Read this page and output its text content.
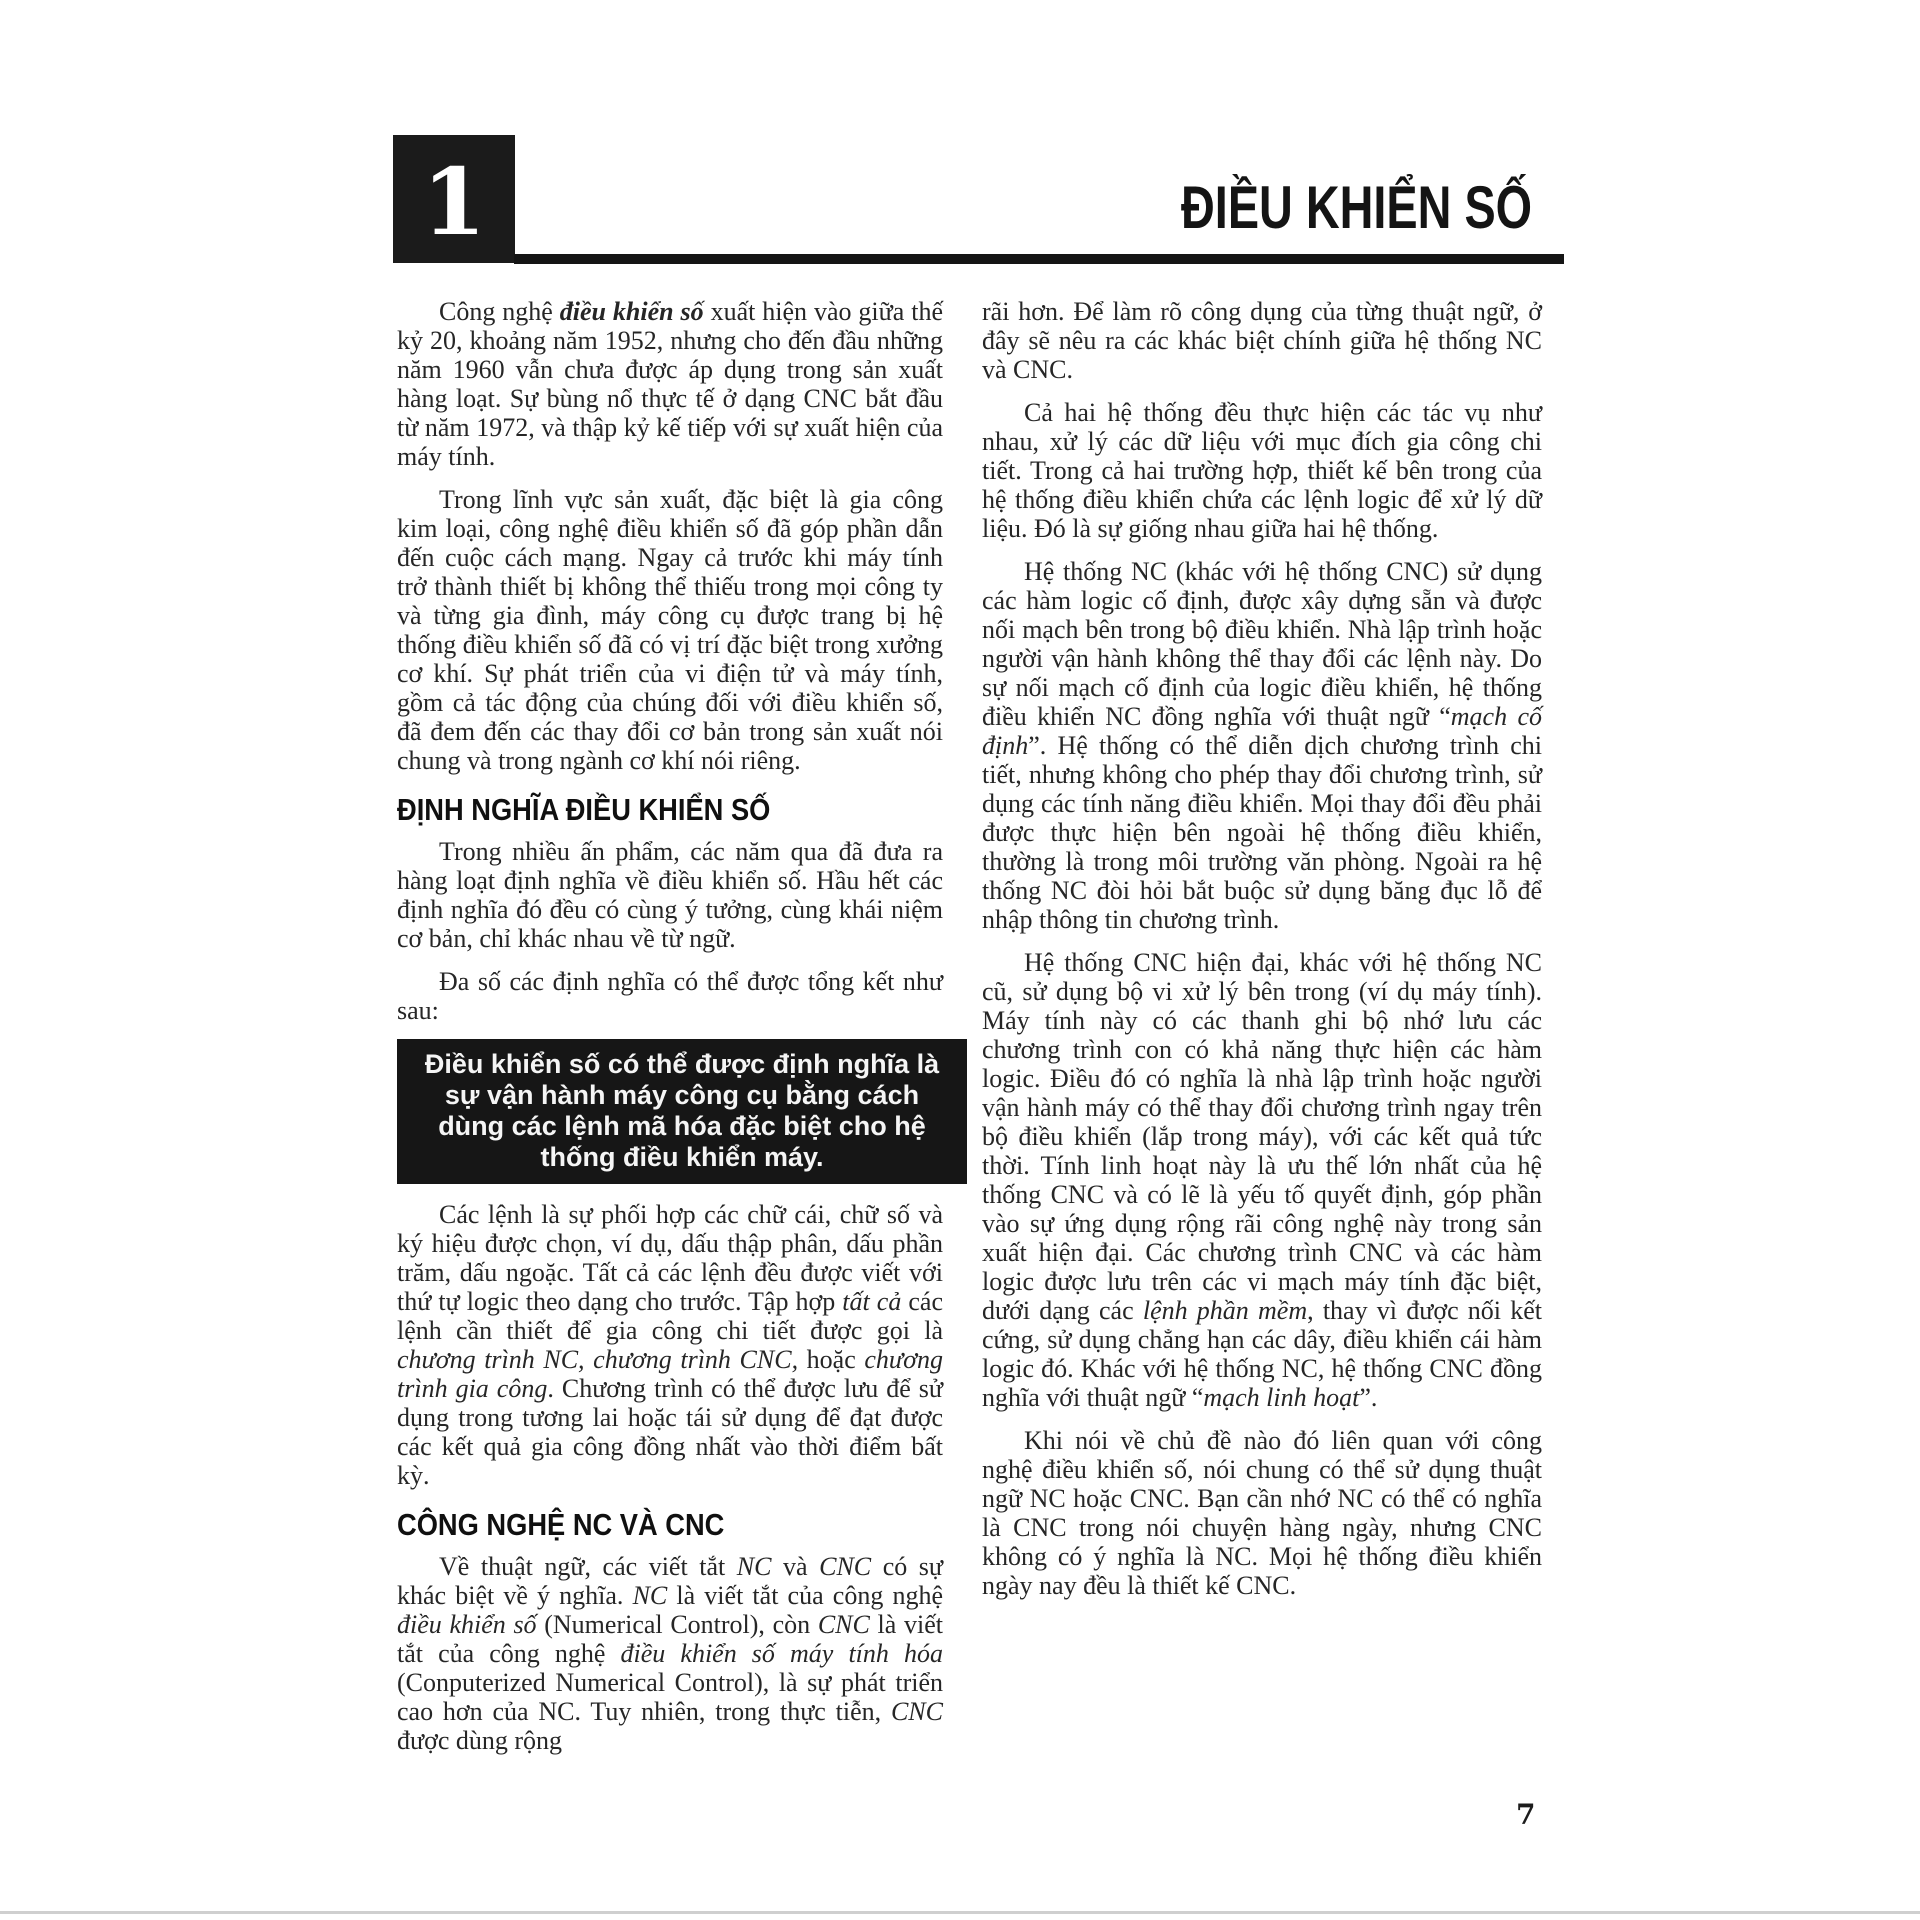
1	ĐIỀU KHIỂN SỐ

Công nghệ điều khiển số xuất hiện vào giữa thế kỷ 20, khoảng năm 1952, nhưng cho đến đầu những năm 1960 vẫn chưa được áp dụng trong sản xuất hàng loạt. Sự bùng nổ thực tế ở dạng CNC bắt đầu từ năm 1972, và thập kỷ kế tiếp với sự xuất hiện của máy tính.

Trong lĩnh vực sản xuất, đặc biệt là gia công kim loại, công nghệ điều khiển số đã góp phần dẫn đến cuộc cách mạng. Ngay cả trước khi máy tính trở thành thiết bị không thể thiếu trong mọi công ty và từng gia đình, máy công cụ được trang bị hệ thống điều khiển số đã có vị trí đặc biệt trong xưởng cơ khí. Sự phát triển của vi điện tử và máy tính, gồm cả tác động của chúng đối với điều khiển số, đã đem đến các thay đổi cơ bản trong sản xuất nói chung và trong ngành cơ khí nói riêng.

ĐỊNH NGHĨA ĐIỀU KHIỂN SỐ

Trong nhiều ấn phẩm, các năm qua đã đưa ra hàng loạt định nghĩa về điều khiển số. Hầu hết các định nghĩa đó đều có cùng ý tưởng, cùng khái niệm cơ bản, chỉ khác nhau về từ ngữ.

Đa số các định nghĩa có thể được tổng kết như sau:

Điều khiển số có thể được định nghĩa là sự vận hành máy công cụ bằng cách dùng các lệnh mã hóa đặc biệt cho hệ thống điều khiển máy.

Các lệnh là sự phối hợp các chữ cái, chữ số và ký hiệu được chọn, ví dụ, dấu thập phân, dấu phần trăm, dấu ngoặc. Tất cả các lệnh đều được viết với thứ tự logic theo dạng cho trước. Tập hợp tất cả các lệnh cần thiết để gia công chi tiết được gọi là chương trình NC, chương trình CNC, hoặc chương trình gia công. Chương trình có thể được lưu để sử dụng trong tương lai hoặc tái sử dụng để đạt được các kết quả gia công đồng nhất vào thời điểm bất kỳ.

CÔNG NGHỆ NC VÀ CNC

Về thuật ngữ, các viết tắt NC và CNC có sự khác biệt về ý nghĩa. NC là viết tắt của công nghệ điều khiển số (Numerical Control), còn CNC là viết tắt của công nghệ điều khiển số máy tính hóa (Conputerized Numerical Control), là sự phát triển cao hơn của NC. Tuy nhiên, trong thực tiễn, CNC được dùng rộng

rãi hơn. Để làm rõ công dụng của từng thuật ngữ, ở đây sẽ nêu ra các khác biệt chính giữa hệ thống NC và CNC.

Cả hai hệ thống đều thực hiện các tác vụ như nhau, xử lý các dữ liệu với mục đích gia công chi tiết. Trong cả hai trường hợp, thiết kế bên trong của hệ thống điều khiển chứa các lệnh logic để xử lý dữ liệu. Đó là sự giống nhau giữa hai hệ thống.

Hệ thống NC (khác với hệ thống CNC) sử dụng các hàm logic cố định, được xây dựng sẵn và được nối mạch bên trong bộ điều khiển. Nhà lập trình hoặc người vận hành không thể thay đổi các lệnh này. Do sự nối mạch cố định của logic điều khiển, hệ thống điều khiển NC đồng nghĩa với thuật ngữ “mạch cố định”. Hệ thống có thể diễn dịch chương trình chi tiết, nhưng không cho phép thay đổi chương trình, sử dụng các tính năng điều khiển. Mọi thay đổi đều phải được thực hiện bên ngoài hệ thống điều khiển, thường là trong môi trường văn phòng. Ngoài ra hệ thống NC đòi hỏi bắt buộc sử dụng băng đục lỗ để nhập thông tin chương trình.

Hệ thống CNC hiện đại, khác với hệ thống NC cũ, sử dụng bộ vi xử lý bên trong (ví dụ máy tính). Máy tính này có các thanh ghi bộ nhớ lưu các chương trình con có khả năng thực hiện các hàm logic. Điều đó có nghĩa là nhà lập trình hoặc người vận hành máy có thể thay đổi chương trình ngay trên bộ điều khiển (lắp trong máy), với các kết quả tức thời. Tính linh hoạt này là ưu thế lớn nhất của hệ thống CNC và có lẽ là yếu tố quyết định, góp phần vào sự ứng dụng rộng rãi công nghệ này trong sản xuất hiện đại. Các chương trình CNC và các hàm logic được lưu trên các vi mạch máy tính đặc biệt, dưới dạng các lệnh phần mềm, thay vì được nối kết cứng, sử dụng chẳng hạn các dây, điều khiển cái hàm logic đó. Khác với hệ thống NC, hệ thống CNC đồng nghĩa với thuật ngữ “mạch linh hoạt”.

Khi nói về chủ đề nào đó liên quan với công nghệ điều khiển số, nói chung có thể sử dụng thuật ngữ NC hoặc CNC. Bạn cần nhớ NC có thể có nghĩa là CNC trong nói chuyện hàng ngày, nhưng CNC không có ý nghĩa là NC. Mọi hệ thống điều khiển ngày nay đều là thiết kế CNC.

7
